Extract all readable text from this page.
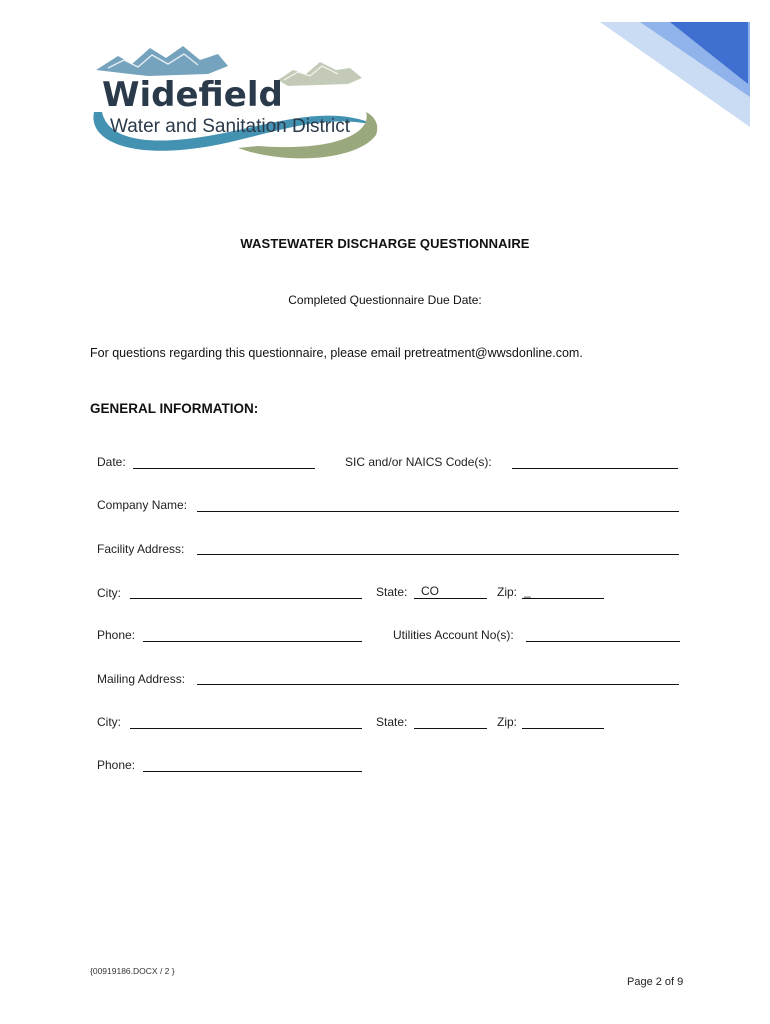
Widefield
Water and Sanitation District
WASTEWATER DISCHARGE QUESTIONNAIRE
Completed Questionnaire Due Date:
For questions regarding this questionnaire, please email pretreatment@wwsdonline.com.
GENERAL INFORMATION:
Date:	SIC and/or NAICS Code(s):
Company Name:
Facility Address:
City:	State: CO	Zip: _
Phone:	Utilities Account No(s):
Mailing Address:
City:	State:	Zip:
Phone:
{00919186.DOCX / 2 }
Page 2 of 9
